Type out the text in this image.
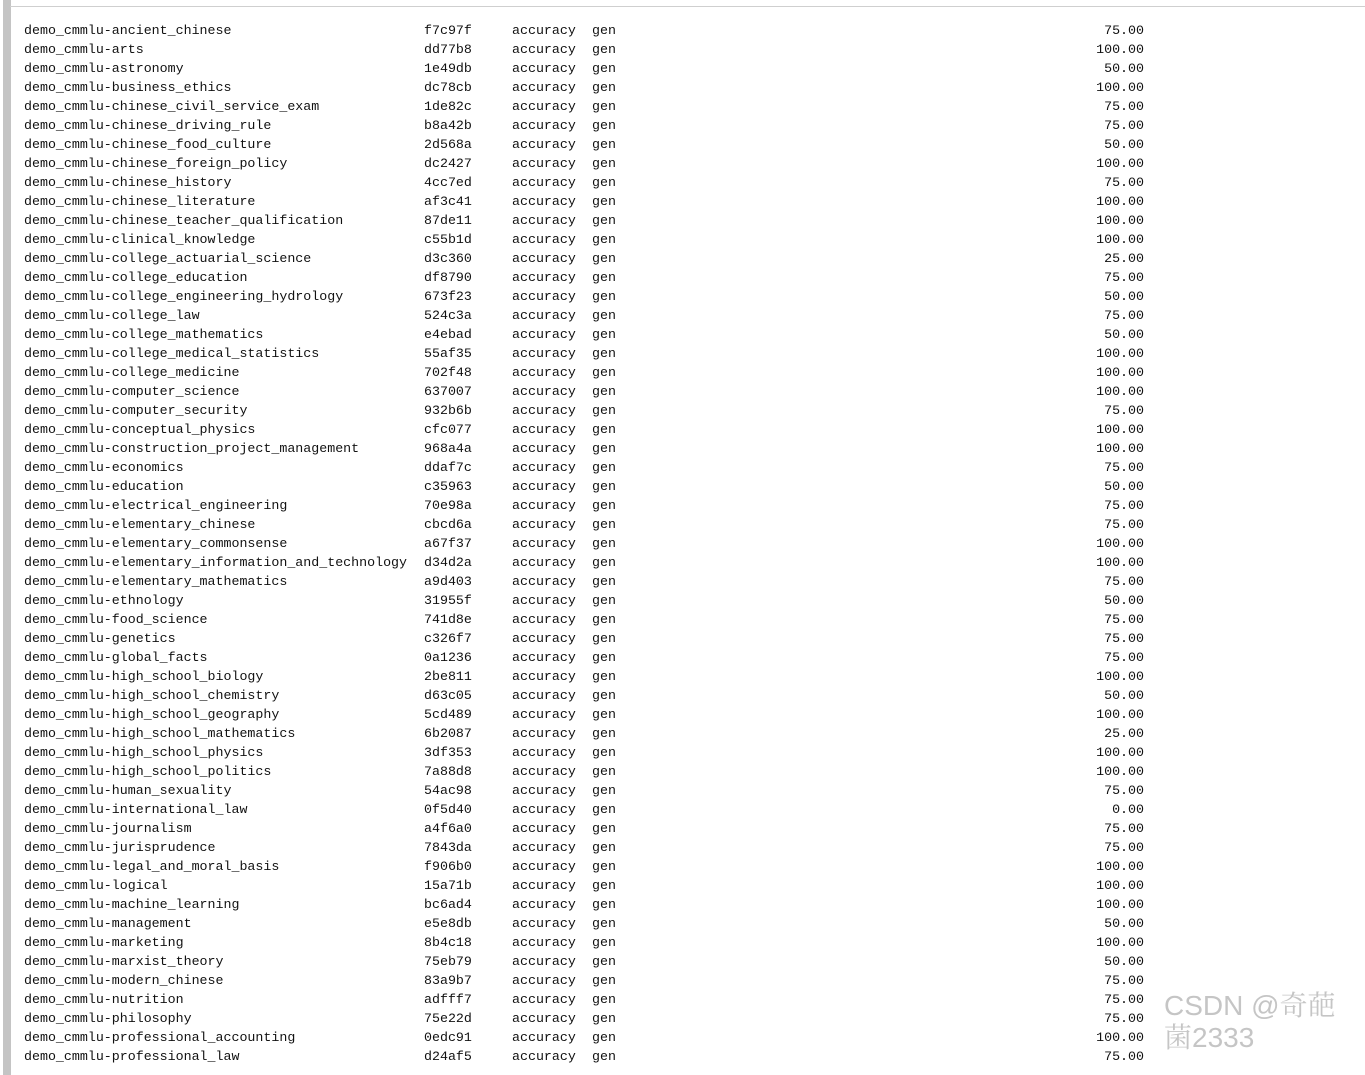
demo_cmmlu-ancient_chinese	f7c97f	accuracy gen	75.00
demo_cmmlu-arts	dd77b8	accuracy gen	100.00
demo_cmmlu-astronomy	1e49db	accuracy gen	50.00
demo_cmmlu-business_ethics	dc78cb	accuracy gen	100.00
demo_cmmlu-chinese_civil_service_exam	1de82c	accuracy gen	75.00
demo_cmmlu-chinese_driving_rule	b8a42b	accuracy gen	75.00
demo_cmmlu-chinese_food_culture	2d568a	accuracy gen	50.00
demo_cmmlu-chinese_foreign_policy	dc2427	accuracy gen	100.00
demo_cmmlu-chinese_history	4cc7ed	accuracy gen	75.00
demo_cmmlu-chinese_literature	af3c41	accuracy gen	100.00
demo_cmmlu-chinese_teacher_qualification	87de11	accuracy gen	100.00
demo_cmmlu-clinical_knowledge	c55b1d	accuracy gen	100.00
demo_cmmlu-college_actuarial_science	d3c360	accuracy gen	25.00
demo_cmmlu-college_education	df8790	accuracy gen	75.00
demo_cmmlu-college_engineering_hydrology	673f23	accuracy gen	50.00
demo_cmmlu-college_law	524c3a	accuracy gen	75.00
demo_cmmlu-college_mathematics	e4ebad	accuracy gen	50.00
demo_cmmlu-college_medical_statistics	55af35	accuracy gen	100.00
demo_cmmlu-college_medicine	702f48	accuracy gen	100.00
demo_cmmlu-computer_science	637007	accuracy gen	100.00
demo_cmmlu-computer_security	932b6b	accuracy gen	75.00
demo_cmmlu-conceptual_physics	cfc077	accuracy gen	100.00
demo_cmmlu-construction_project_management	968a4a	accuracy gen	100.00
demo_cmmlu-economics	ddaf7c	accuracy gen	75.00
demo_cmmlu-education	c35963	accuracy gen	50.00
demo_cmmlu-electrical_engineering	70e98a	accuracy gen	75.00
demo_cmmlu-elementary_chinese	cbcd6a	accuracy gen	75.00
demo_cmmlu-elementary_commonsense	a67f37	accuracy gen	100.00
demo_cmmlu-elementary_information_and_technology d34d2a	accuracy gen	100.00
demo_cmmlu-elementary_mathematics	a9d403	accuracy gen	75.00
demo_cmmlu-ethnology	31955f	accuracy gen	50.00
demo_cmmlu-food_science	741d8e	accuracy gen	75.00
demo_cmmlu-genetics	c326f7	accuracy gen	75.00
demo_cmmlu-global_facts	0a1236	accuracy gen	75.00
demo_cmmlu-high_school_biology	2be811	accuracy gen	100.00
demo_cmmlu-high_school_chemistry	d63c05	accuracy gen	50.00
demo_cmmlu-high_school_geography	5cd489	accuracy gen	100.00
demo_cmmlu-high_school_mathematics	6b2087	accuracy gen	25.00
demo_cmmlu-high_school_physics	3df353	accuracy gen	100.00
demo_cmmlu-high_school_politics	7a88d8	accuracy gen	100.00
demo_cmmlu-human_sexuality	54ac98	accuracy gen	75.00
demo_cmmlu-international_law	0f5d40	accuracy gen	0.00
demo_cmmlu-journalism	a4f6a0	accuracy gen	75.00
demo_cmmlu-jurisprudence	7843da	accuracy gen	75.00
demo_cmmlu-legal_and_moral_basis	f906b0	accuracy gen	100.00
demo_cmmlu-logical	15a71b	accuracy gen	100.00
demo_cmmlu-machine_learning	bc6ad4	accuracy gen	100.00
demo_cmmlu-management	e5e8db	accuracy gen	50.00
demo_cmmlu-marketing	8b4c18	accuracy gen	100.00
demo_cmmlu-marxist_theory	75eb79	accuracy gen	50.00
demo_cmmlu-modern_chinese	83a9b7	accuracy gen	75.00
demo_cmmlu-nutrition	adfff7	accuracy gen	75.00
demo_cmmlu-philosophy	75e22d	accuracy gen	75.00
demo_cmmlu-professional_accounting	0edc91	accuracy gen	100.00
demo_cmmlu-professional_law	d24af5	accuracy gen	75.00
CSDN @奇葩菌2333
